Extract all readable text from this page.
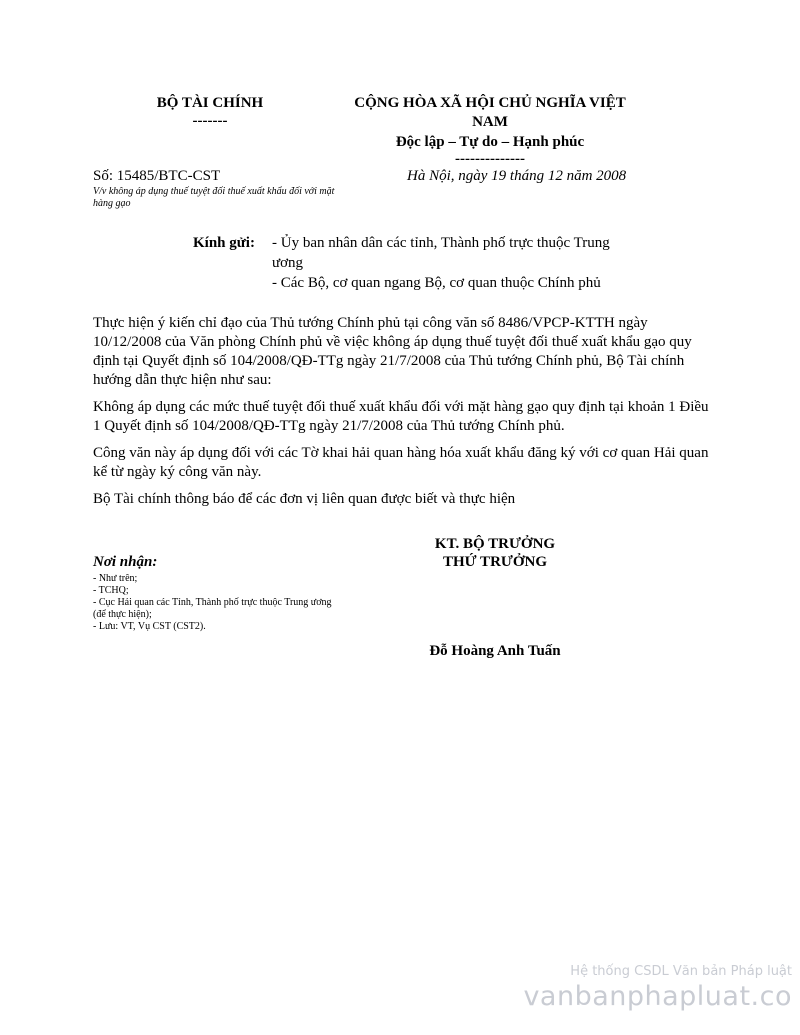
BỘ TÀI CHÍNH
-------
CỘNG HÒA XÃ HỘI CHỦ NGHĨA VIỆT
NAM
Độc lập – Tự do – Hạnh phúc
--------------
Số: 15485/BTC-CST
V/v không áp dụng thuế tuyệt đối thuế xuất khẩu đối với mặt hàng gạo
Hà Nội, ngày 19 tháng 12 năm 2008
Kính gửi: - Ủy ban nhân dân các tỉnh, Thành phố trực thuộc Trung ương
- Các Bộ, cơ quan ngang Bộ, cơ quan thuộc Chính phủ

Thực hiện ý kiến chỉ đạo của Thủ tướng Chính phủ tại công văn số 8486/VPCP-KTTH ngày 10/12/2008 của Văn phòng Chính phủ về việc không áp dụng thuế tuyệt đối thuế xuất khẩu gạo quy định tại Quyết định số 104/2008/QĐ-TTg ngày 21/7/2008 của Thủ tướng Chính phủ, Bộ Tài chính hướng dẫn thực hiện như sau:

Không áp dụng các mức thuế tuyệt đối thuế xuất khẩu đối với mặt hàng gạo quy định tại khoản 1 Điều 1 Quyết định số 104/2008/QĐ-TTg ngày 21/7/2008 của Thủ tướng Chính phủ.

Công văn này áp dụng đối với các Tờ khai hải quan hàng hóa xuất khẩu đăng ký với cơ quan Hải quan kể từ ngày ký công văn này.

Bộ Tài chính thông báo để các đơn vị liên quan được biết và thực hiện

KT. BỘ TRƯỞNG
THỨ TRƯỞNG
Đỗ Hoàng Anh Tuấn
Nơi nhận:
- Như trên;
- TCHQ;
- Cục Hải quan các Tỉnh, Thành phố trực thuộc Trung ương (để thực hiện);
- Lưu: VT, Vụ CST (CST2).
Hệ thống CSDL Văn bản Pháp luật
vanbanphapluat.co
